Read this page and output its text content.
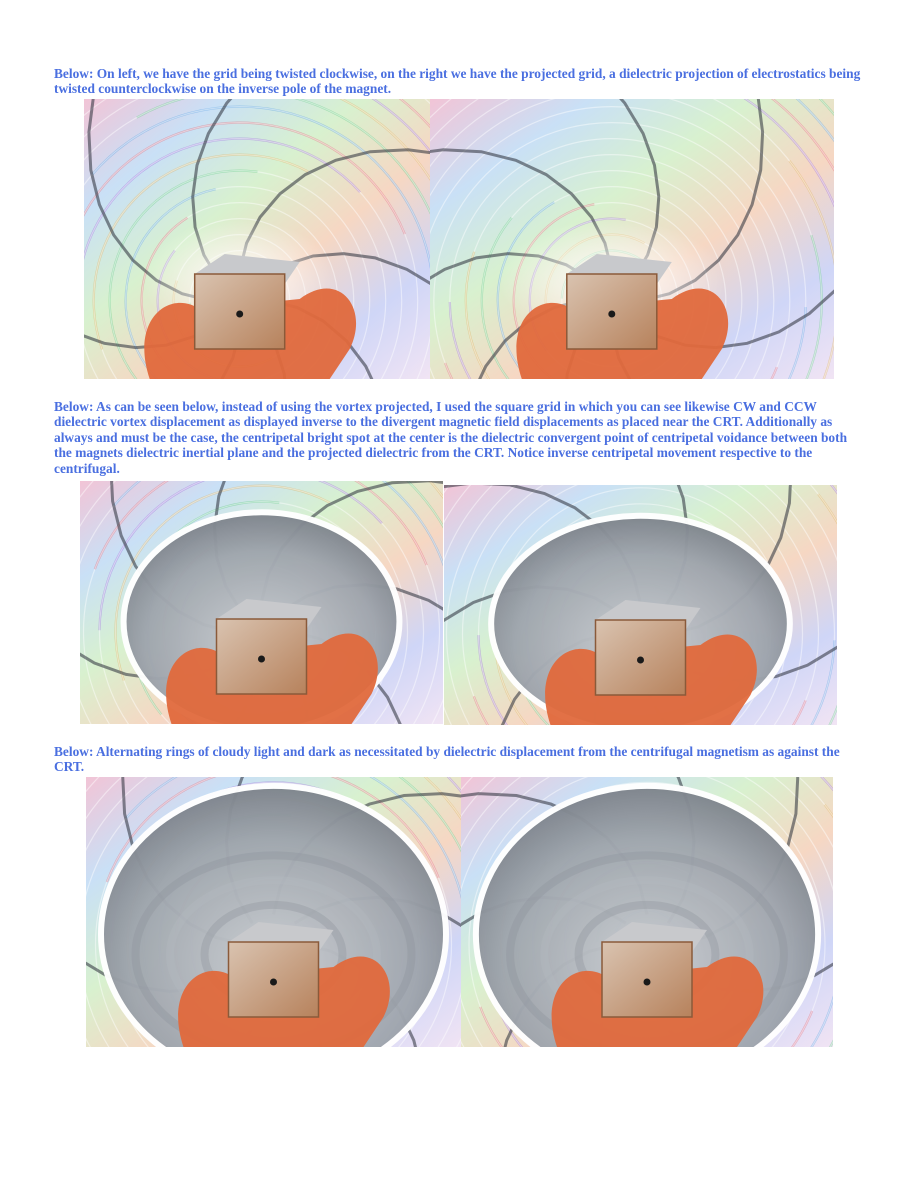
Below: On left, we have the grid being twisted clockwise, on the right we have the projected grid, a dielectric projection of electrostatics being twisted counterclockwise on the inverse pole of the magnet.

Below: As can be seen below, instead of using the vortex projected, I used the square grid in which you can see likewise CW and CCW dielectric vortex displacement as displayed inverse to the divergent magnetic field displacements as placed near the CRT. Additionally as always and must be the case, the centripetal bright spot at the center is the dielectric convergent point of centripetal voidance between both the magnets dielectric inertial plane and the projected dielectric from the CRT. Notice inverse centripetal movement respective to the centrifugal.

Below: Alternating rings of cloudy light and dark as necessitated by dielectric displacement from the centrifugal magnetism as against the CRT.
